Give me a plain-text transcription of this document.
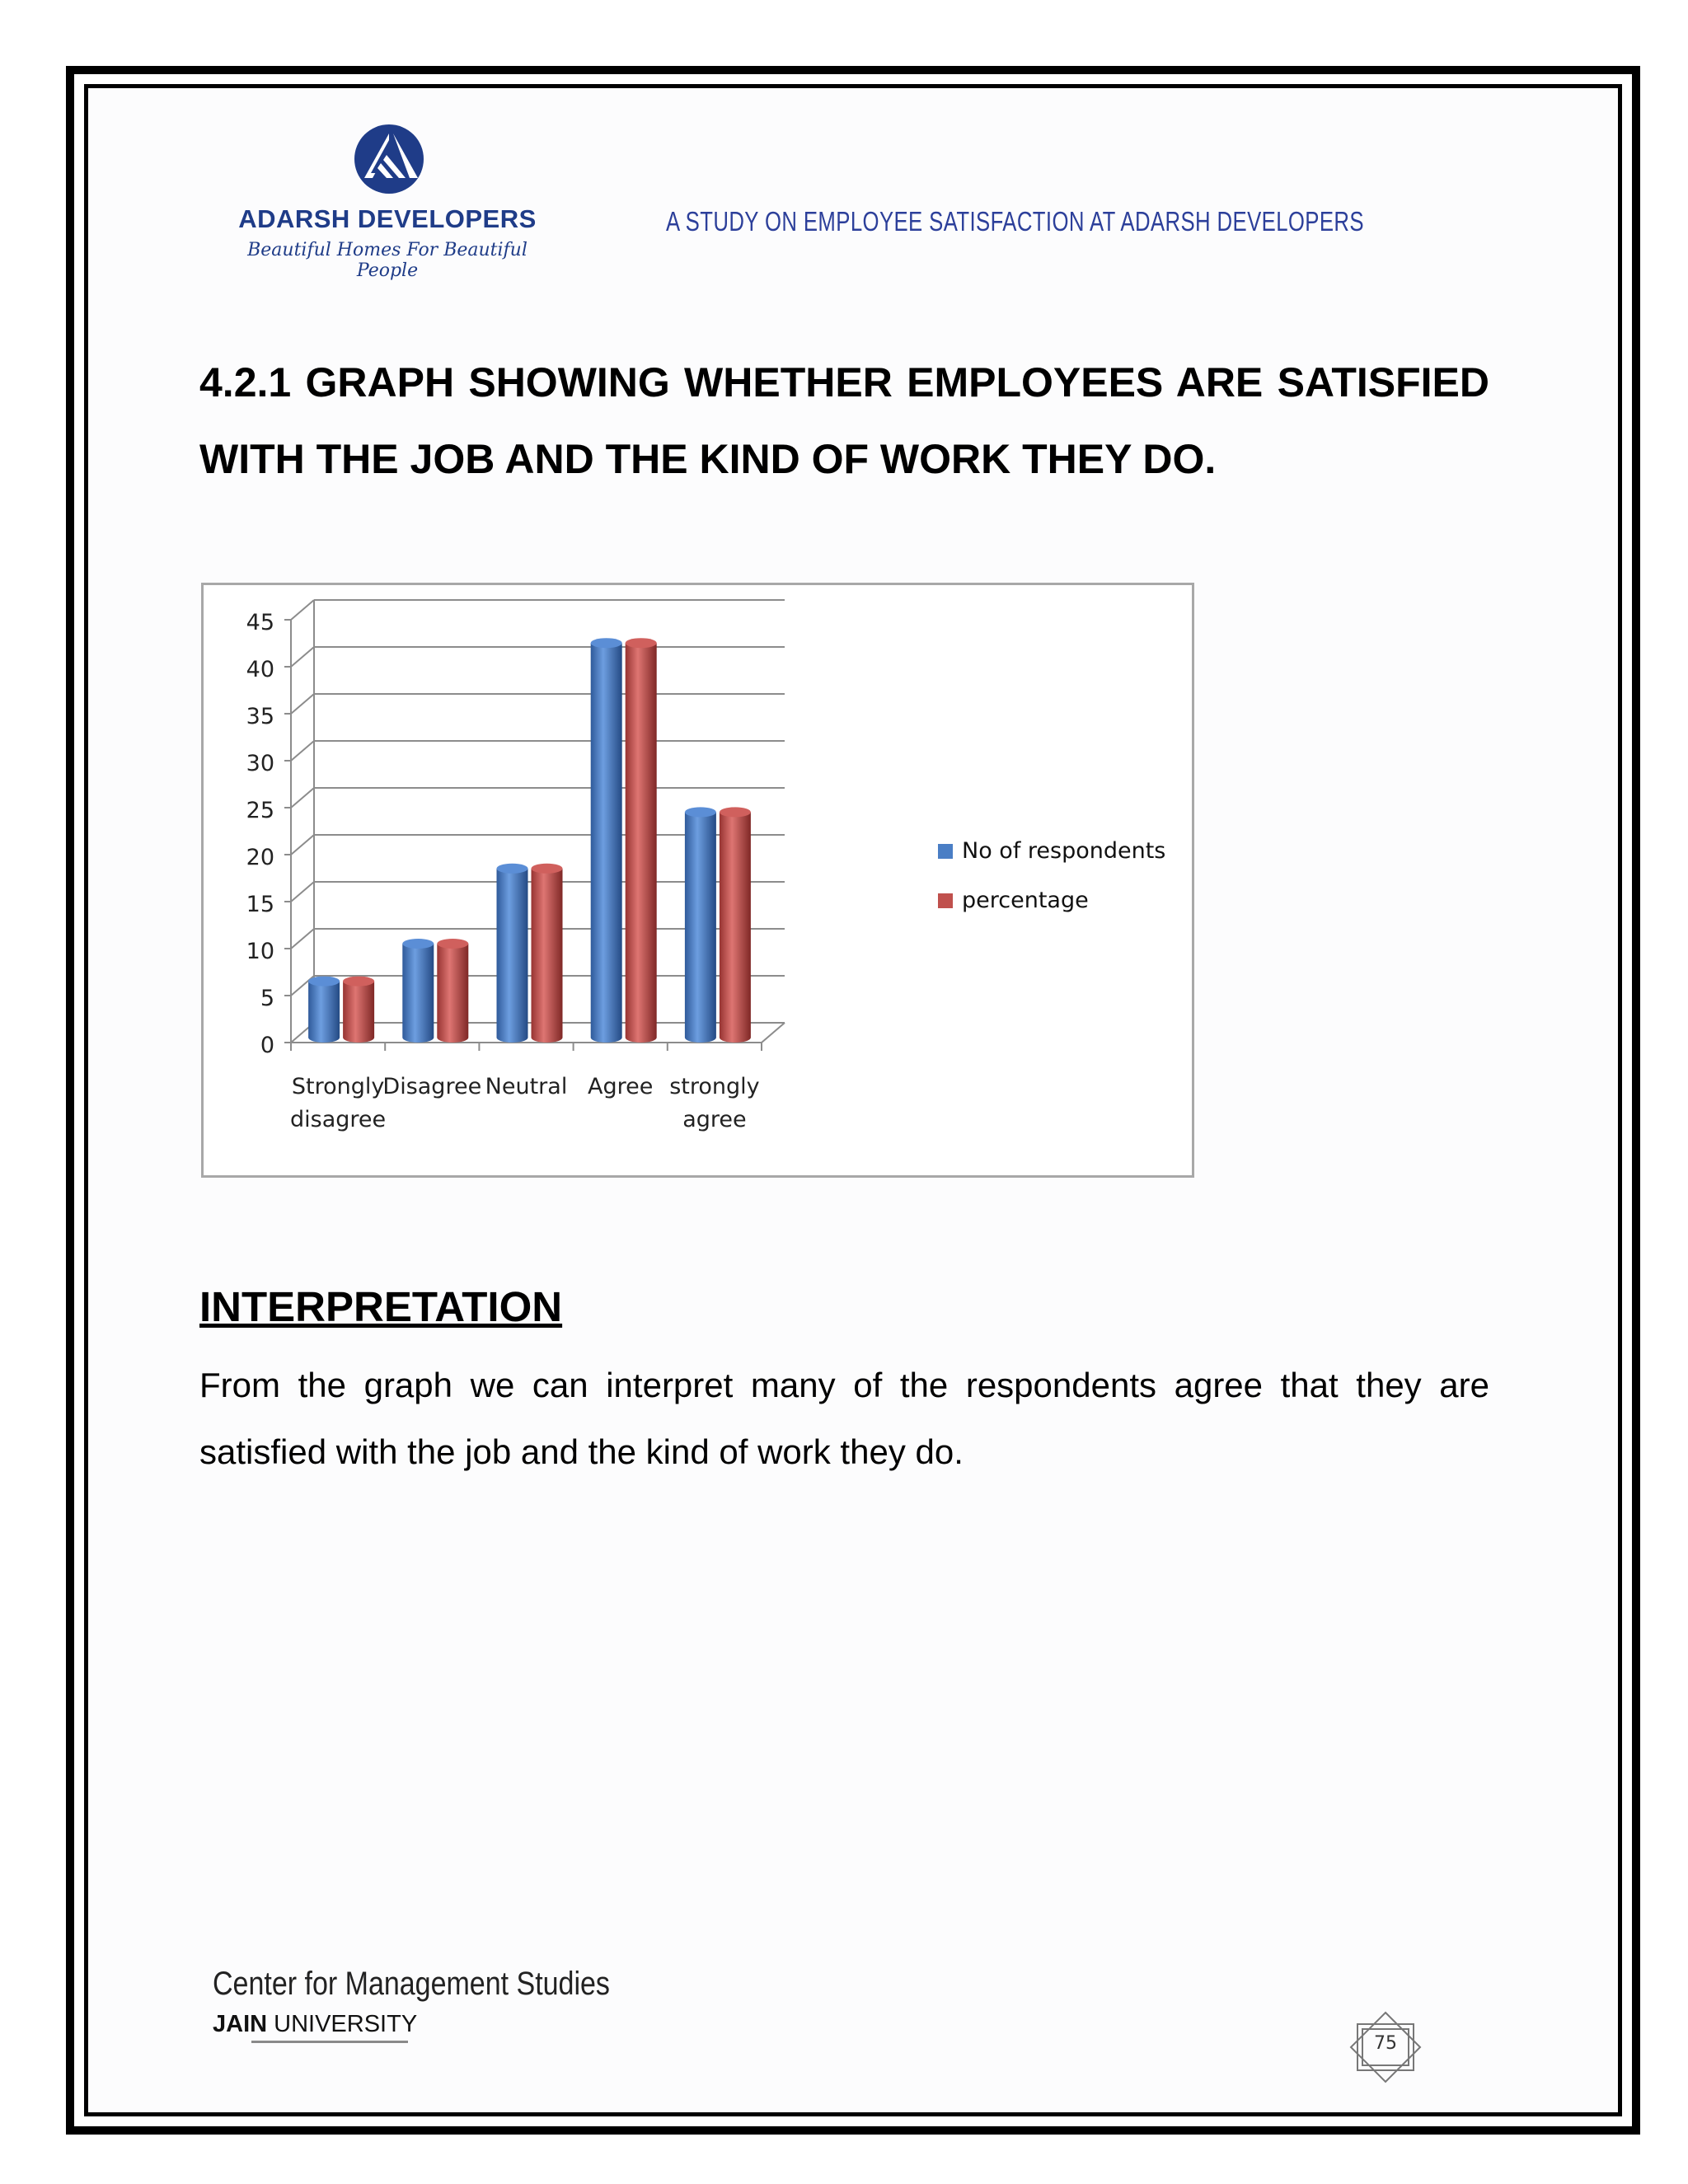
ADARSH DEVELOPERS
Beautiful Homes For Beautiful People
A STUDY ON EMPLOYEE SATISFACTION AT ADARSH DEVELOPERS
4.2.1 GRAPH SHOWING WHETHER EMPLOYEES ARE SATISFIED WITH THE JOB AND THE KIND OF WORK THEY DO.
0
5
10
15
20
25
30
35
40
45
Strongly
disagree
Disagree Neutral Agree strongly
agree
No of respondents
percentage
INTERPRETATION

From the graph we can interpret many of the respondents agree that they are satisfied with the job and the kind of work they do.

Center for Management Studies
JAIN UNIVERSITY
75
